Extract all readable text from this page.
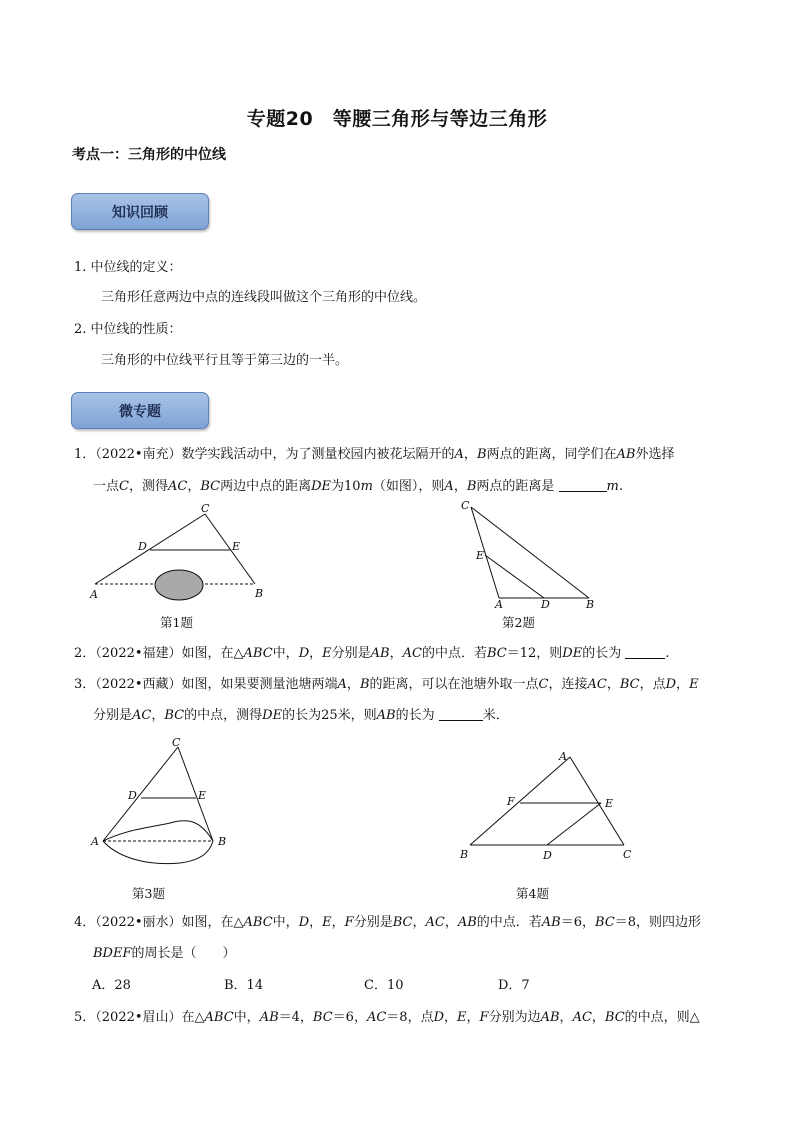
专题20　等腰三角形与等边三角形
考点一：三角形的中位线
知识回顾
1. 中位线的定义：
三角形任意两边中点的连线段叫做这个三角形的中位线。
2. 中位线的性质：
三角形的中位线平行且等于第三边的一半。
微专题
1．（2022•南充）数学实践活动中，为了测量校园内被花坛隔开的A，B两点的距离，同学们在AB外选择
一点C，测得AC，BC两边中点的距离DE为10m（如图），则A，B两点的距离是	m.
C
D	E
A	B
第1题
C
E
A	D	B
第2题
2．（2022•福建）如图，在△ABC中，D，E分别是AB，AC的中点．若BC＝12，则DE的长为	.
3．（2022•西藏）如图，如果要测量池塘两端A，B的距离，可以在池塘外取一点C，连接AC，BC，点D，E
分别是AC，BC的中点，测得DE的长为25米，则AB的长为	米．
C
D	E
A	B
第3题
A
F	E
B	D	C
第4题
4．（2022•丽水）如图，在△ABC中，D，E，F分别是BC，AC，AB的中点．若AB＝6，BC＝8，则四边形
BDEF的周长是（　　）
A．28	B．14	C．10	D．7
5．（2022•眉山）在△ABC中，AB＝4，BC＝6，AC＝8，点D，E，F分别为边AB，AC，BC的中点，则△
